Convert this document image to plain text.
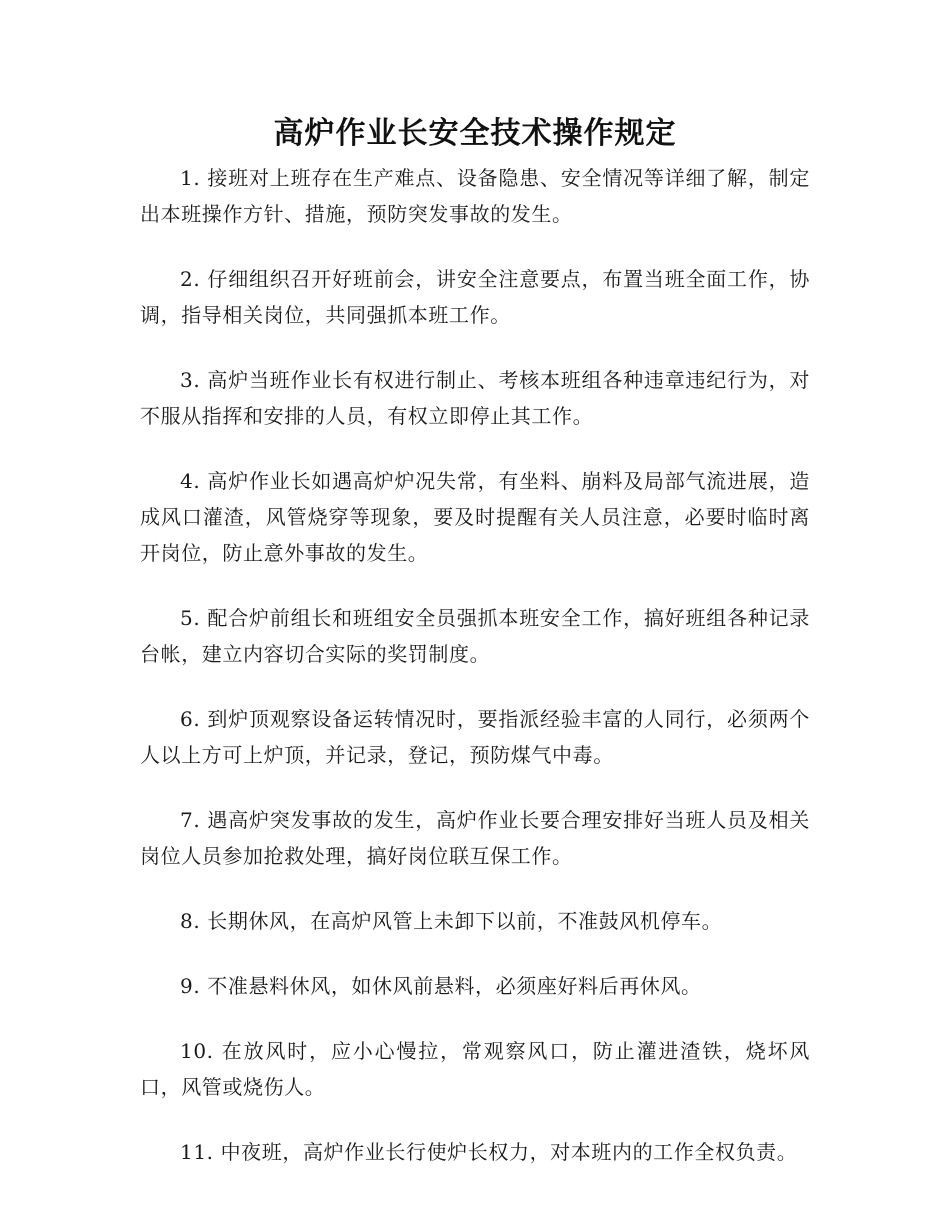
高炉作业长安全技术操作规定

1. 接班对上班存在生产难点、设备隐患、安全情况等详细了解，制定出本班操作方针、措施，预防突发事故的发生。

2. 仔细组织召开好班前会，讲安全注意要点，布置当班全面工作，协调，指导相关岗位，共同强抓本班工作。

3. 高炉当班作业长有权进行制止、考核本班组各种违章违纪行为，对不服从指挥和安排的人员，有权立即停止其工作。

4. 高炉作业长如遇高炉炉况失常，有坐料、崩料及局部气流进展，造成风口灌渣，风管烧穿等现象，要及时提醒有关人员注意，必要时临时离开岗位，防止意外事故的发生。

5. 配合炉前组长和班组安全员强抓本班安全工作，搞好班组各种记录台帐，建立内容切合实际的奖罚制度。

6. 到炉顶观察设备运转情况时，要指派经验丰富的人同行，必须两个人以上方可上炉顶，并记录，登记，预防煤气中毒。

7. 遇高炉突发事故的发生，高炉作业长要合理安排好当班人员及相关岗位人员参加抢救处理，搞好岗位联互保工作。

8. 长期休风，在高炉风管上未卸下以前，不准鼓风机停车。

9. 不准悬料休风，如休风前悬料，必须座好料后再休风。

10. 在放风时，应小心慢拉，常观察风口，防止灌进渣铁，烧坏风口，风管或烧伤人。

11. 中夜班，高炉作业长行使炉长权力，对本班内的工作全权负责。
